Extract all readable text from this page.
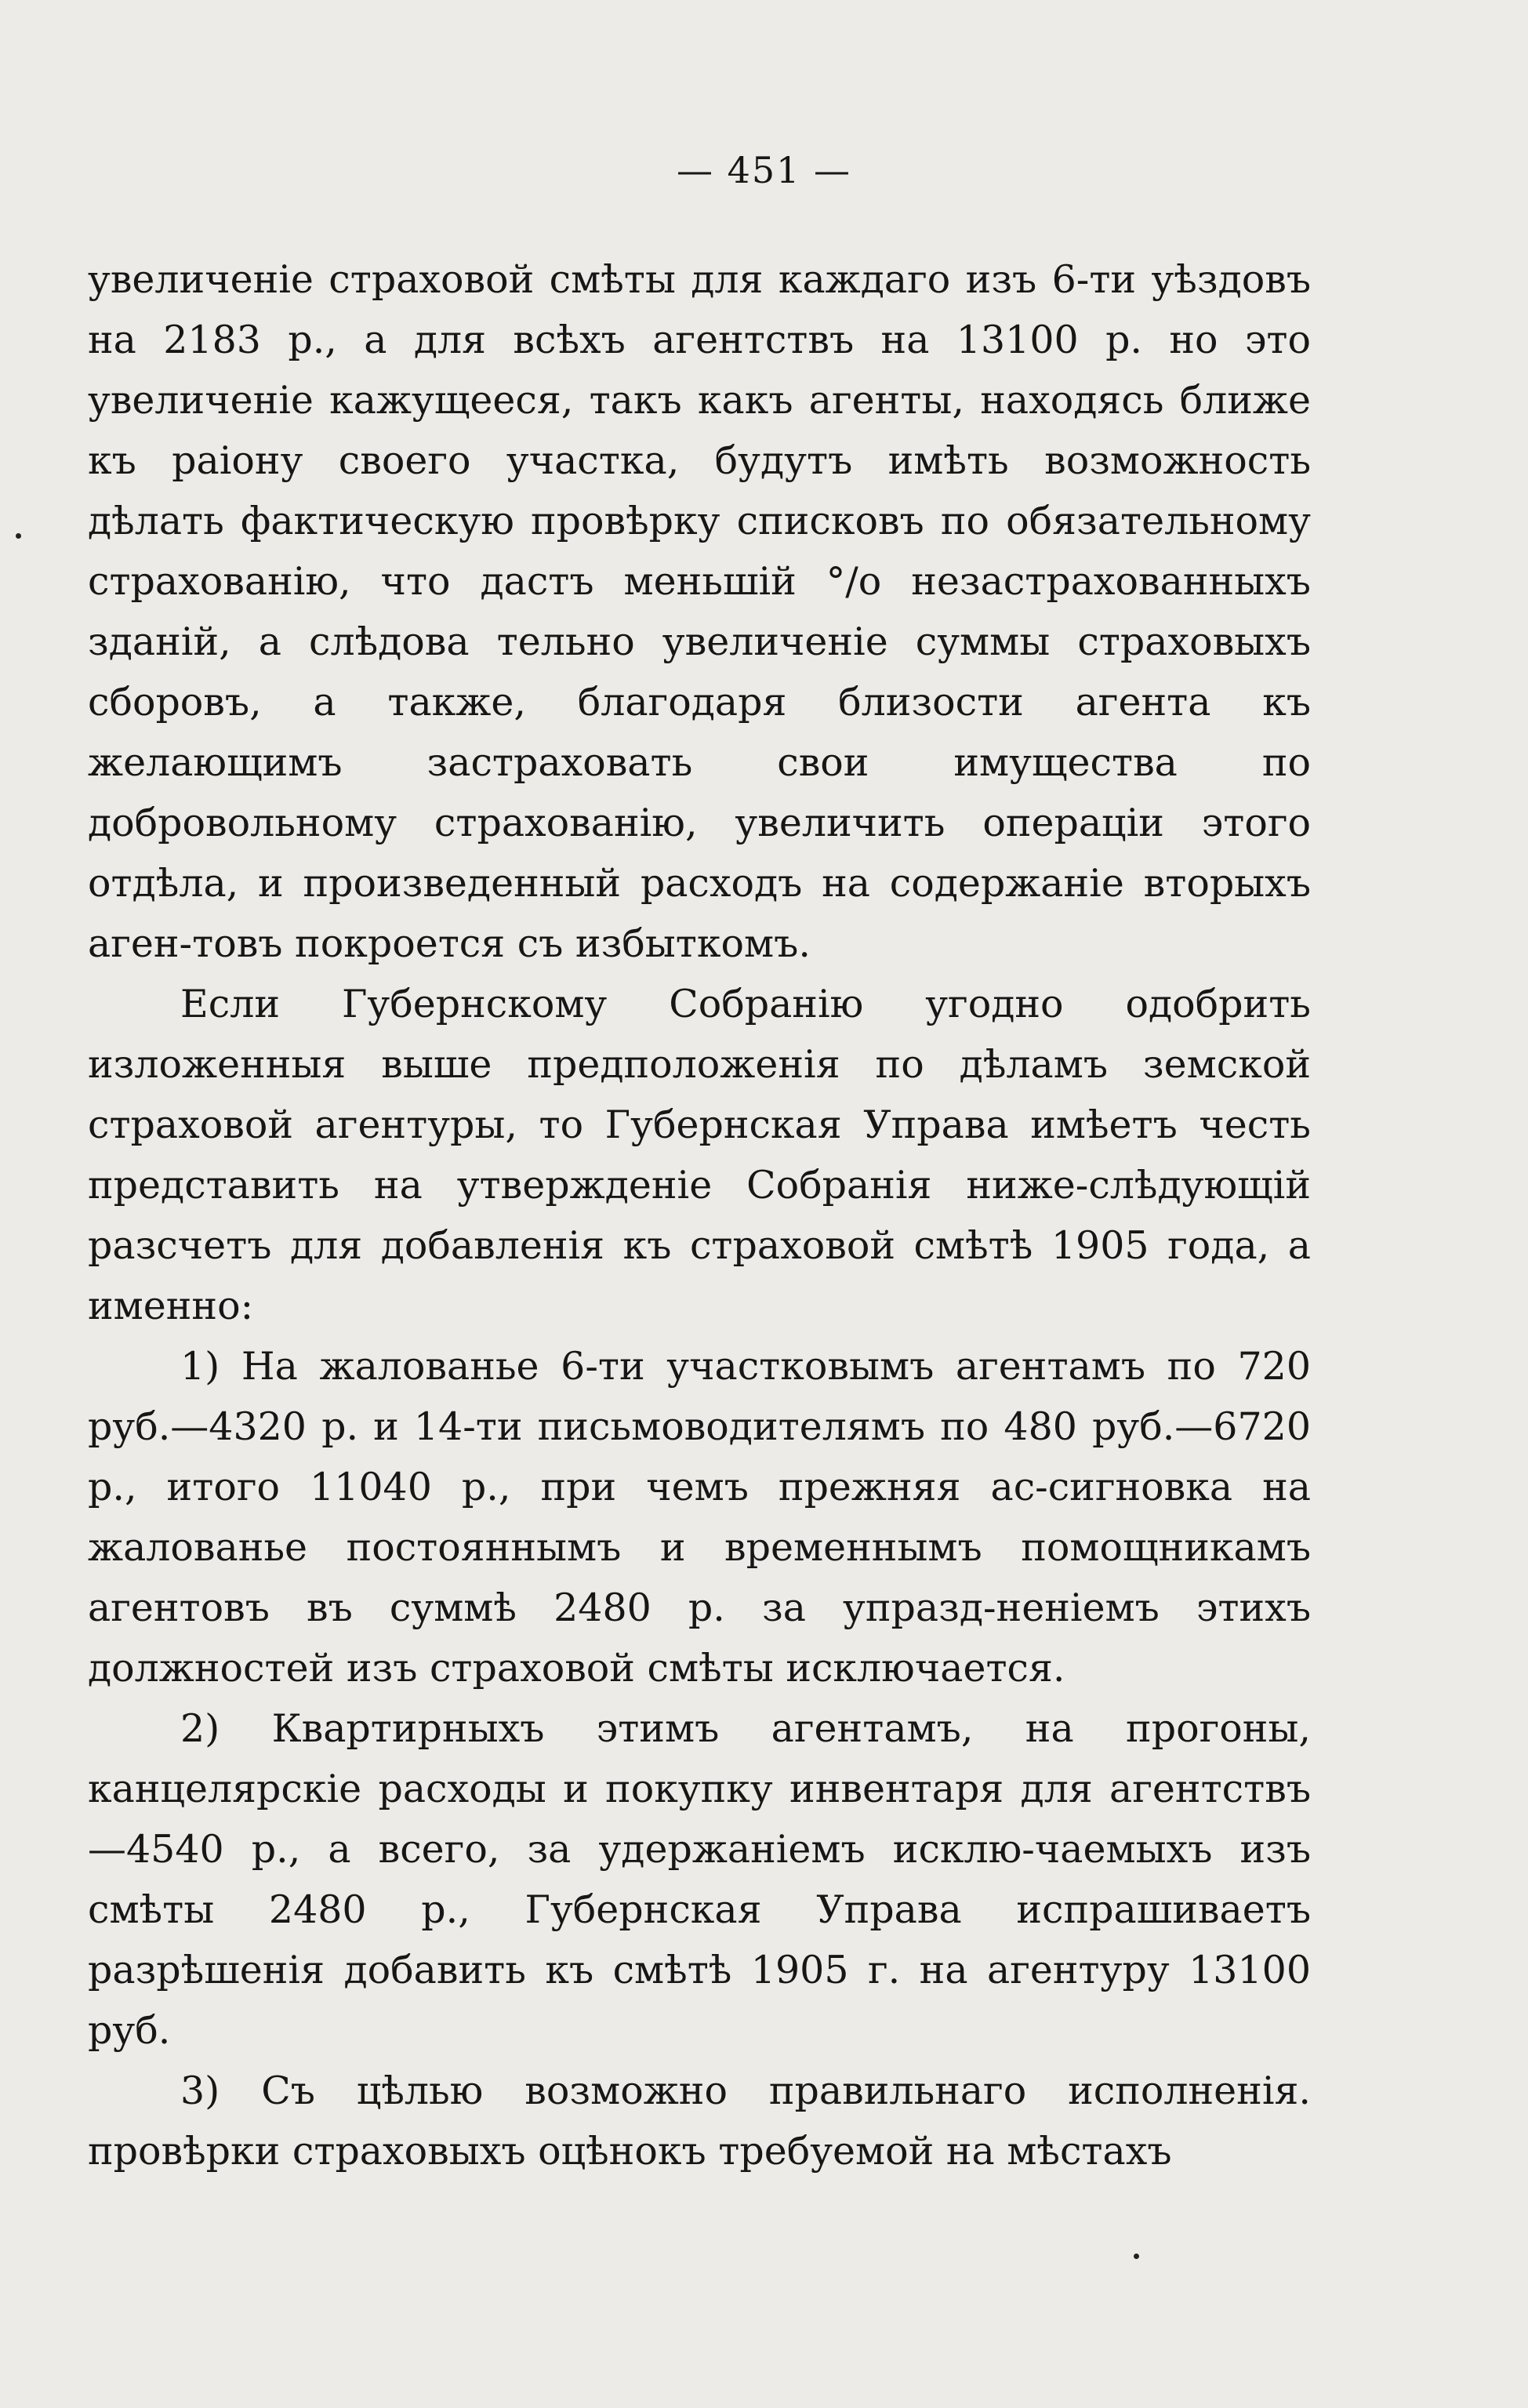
— 451 —

увеличенiе страховой смѣты для каждаго изъ 6-ти уѣздовъ на 2183 р., а для всѣхъ агентствъ на 13100 р. но это увеличенiе кажущееся, такъ какъ агенты, находясь ближе къ раiону своего участка, будутъ имѣть возможность дѣлать фактическую провѣрку списковъ по обязательному страхованiю, что дастъ меньшiй °/о незастрахованныхъ зданiй, а слѣдова тельно увеличенiе суммы страховыхъ сборовъ, а также, благодаря близости агента къ желающимъ застраховать свои имущества по добровольному страхованiю, увеличить операцiи этого отдѣла, и произведенный расходъ на содержанiе вторыхъ аген-товъ покроется съ избыткомъ.

Если Губернскому Собранiю угодно одобрить изложенныя выше предположенiя по дѣламъ земской страховой агентуры, то Губернская Управа имѣетъ честь представить на утвержденiе Собранiя ниже-слѣдующiй разсчетъ для добавленiя къ страховой смѣтѣ 1905 года, а именно:

1) На жалованье 6-ти участковымъ агентамъ по 720 руб.—4320 р. и 14-ти письмоводителямъ по 480 руб.—6720 р., итого 11040 р., при чемъ прежняя ас-сигновка на жалованье постояннымъ и временнымъ помощникамъ агентовъ въ суммѣ 2480 р. за упразд-ненiемъ этихъ должностей изъ страховой смѣты исключается.

2) Квартирныхъ этимъ агентамъ, на прогоны, канцелярскiе расходы и покупку инвентаря для агентствъ—4540 р., а всего, за удержанiемъ исклю-чаемыхъ изъ смѣты 2480 р., Губернская Управа испрашиваетъ разрѣшенiя добавить къ смѣтѣ 1905 г. на агентуру 13100 руб.

3) Съ цѣлью возможно правильнаго исполненiя. провѣрки страховыхъ оцѣнокъ требуемой на мѣстахъ
